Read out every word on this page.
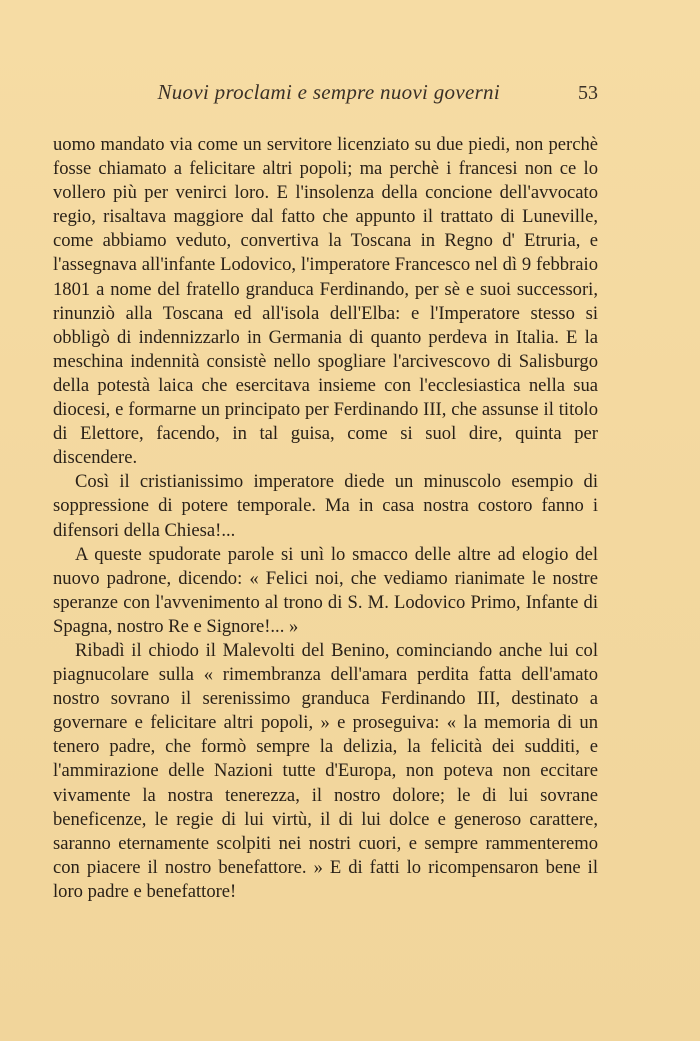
Nuovi proclami e sempre nuovi governi	53

uomo mandato via come un servitore licenziato su due piedi, non perchè fosse chiamato a felicitare altri popoli; ma perchè i francesi non ce lo vollero più per venirci loro. E l'insolenza della concione dell'avvocato regio, risaltava maggiore dal fatto che appunto il trattato di Luneville, come abbiamo veduto, convertiva la Toscana in Regno d' Etruria, e l'assegnava all'infante Lodovico, l'imperatore Francesco nel dì 9 febbraio 1801 a nome del fratello granduca Ferdinando, per sè e suoi successori, rinunziò alla Toscana ed all'isola dell'Elba: e l'Imperatore stesso si obbligò di indennizzarlo in Germania di quanto perdeva in Italia. E la meschina indennità consistè nello spogliare l'arcivescovo di Salisburgo della potestà laica che esercitava insieme con l'ecclesiastica nella sua diocesi, e formarne un principato per Ferdinando III, che assunse il titolo di Elettore, facendo, in tal guisa, come si suol dire, quinta per discendere.

Così il cristianissimo imperatore diede un minuscolo esempio di soppressione di potere temporale. Ma in casa nostra costoro fanno i difensori della Chiesa!...

A queste spudorate parole si unì lo smacco delle altre ad elogio del nuovo padrone, dicendo: « Felici noi, che vediamo rianimate le nostre speranze con l'avvenimento al trono di S. M. Lodovico Primo, Infante di Spagna, nostro Re e Signore!... »

Ribadì il chiodo il Malevolti del Benino, cominciando anche lui col piagnucolare sulla « rimembranza dell'amara perdita fatta dell'amato nostro sovrano il serenissimo granduca Ferdinando III, destinato a governare e felicitare altri popoli, » e proseguiva: « la memoria di un tenero padre, che formò sempre la delizia, la felicità dei sudditi, e l'ammirazione delle Nazioni tutte d'Europa, non poteva non eccitare vivamente la nostra tenerezza, il nostro dolore; le di lui sovrane beneficenze, le regie di lui virtù, il di lui dolce e generoso carattere, saranno eternamente scolpiti nei nostri cuori, e sempre rammenteremo con piacere il nostro benefattore. » E di fatti lo ricompensaron bene il loro padre e benefattore!
